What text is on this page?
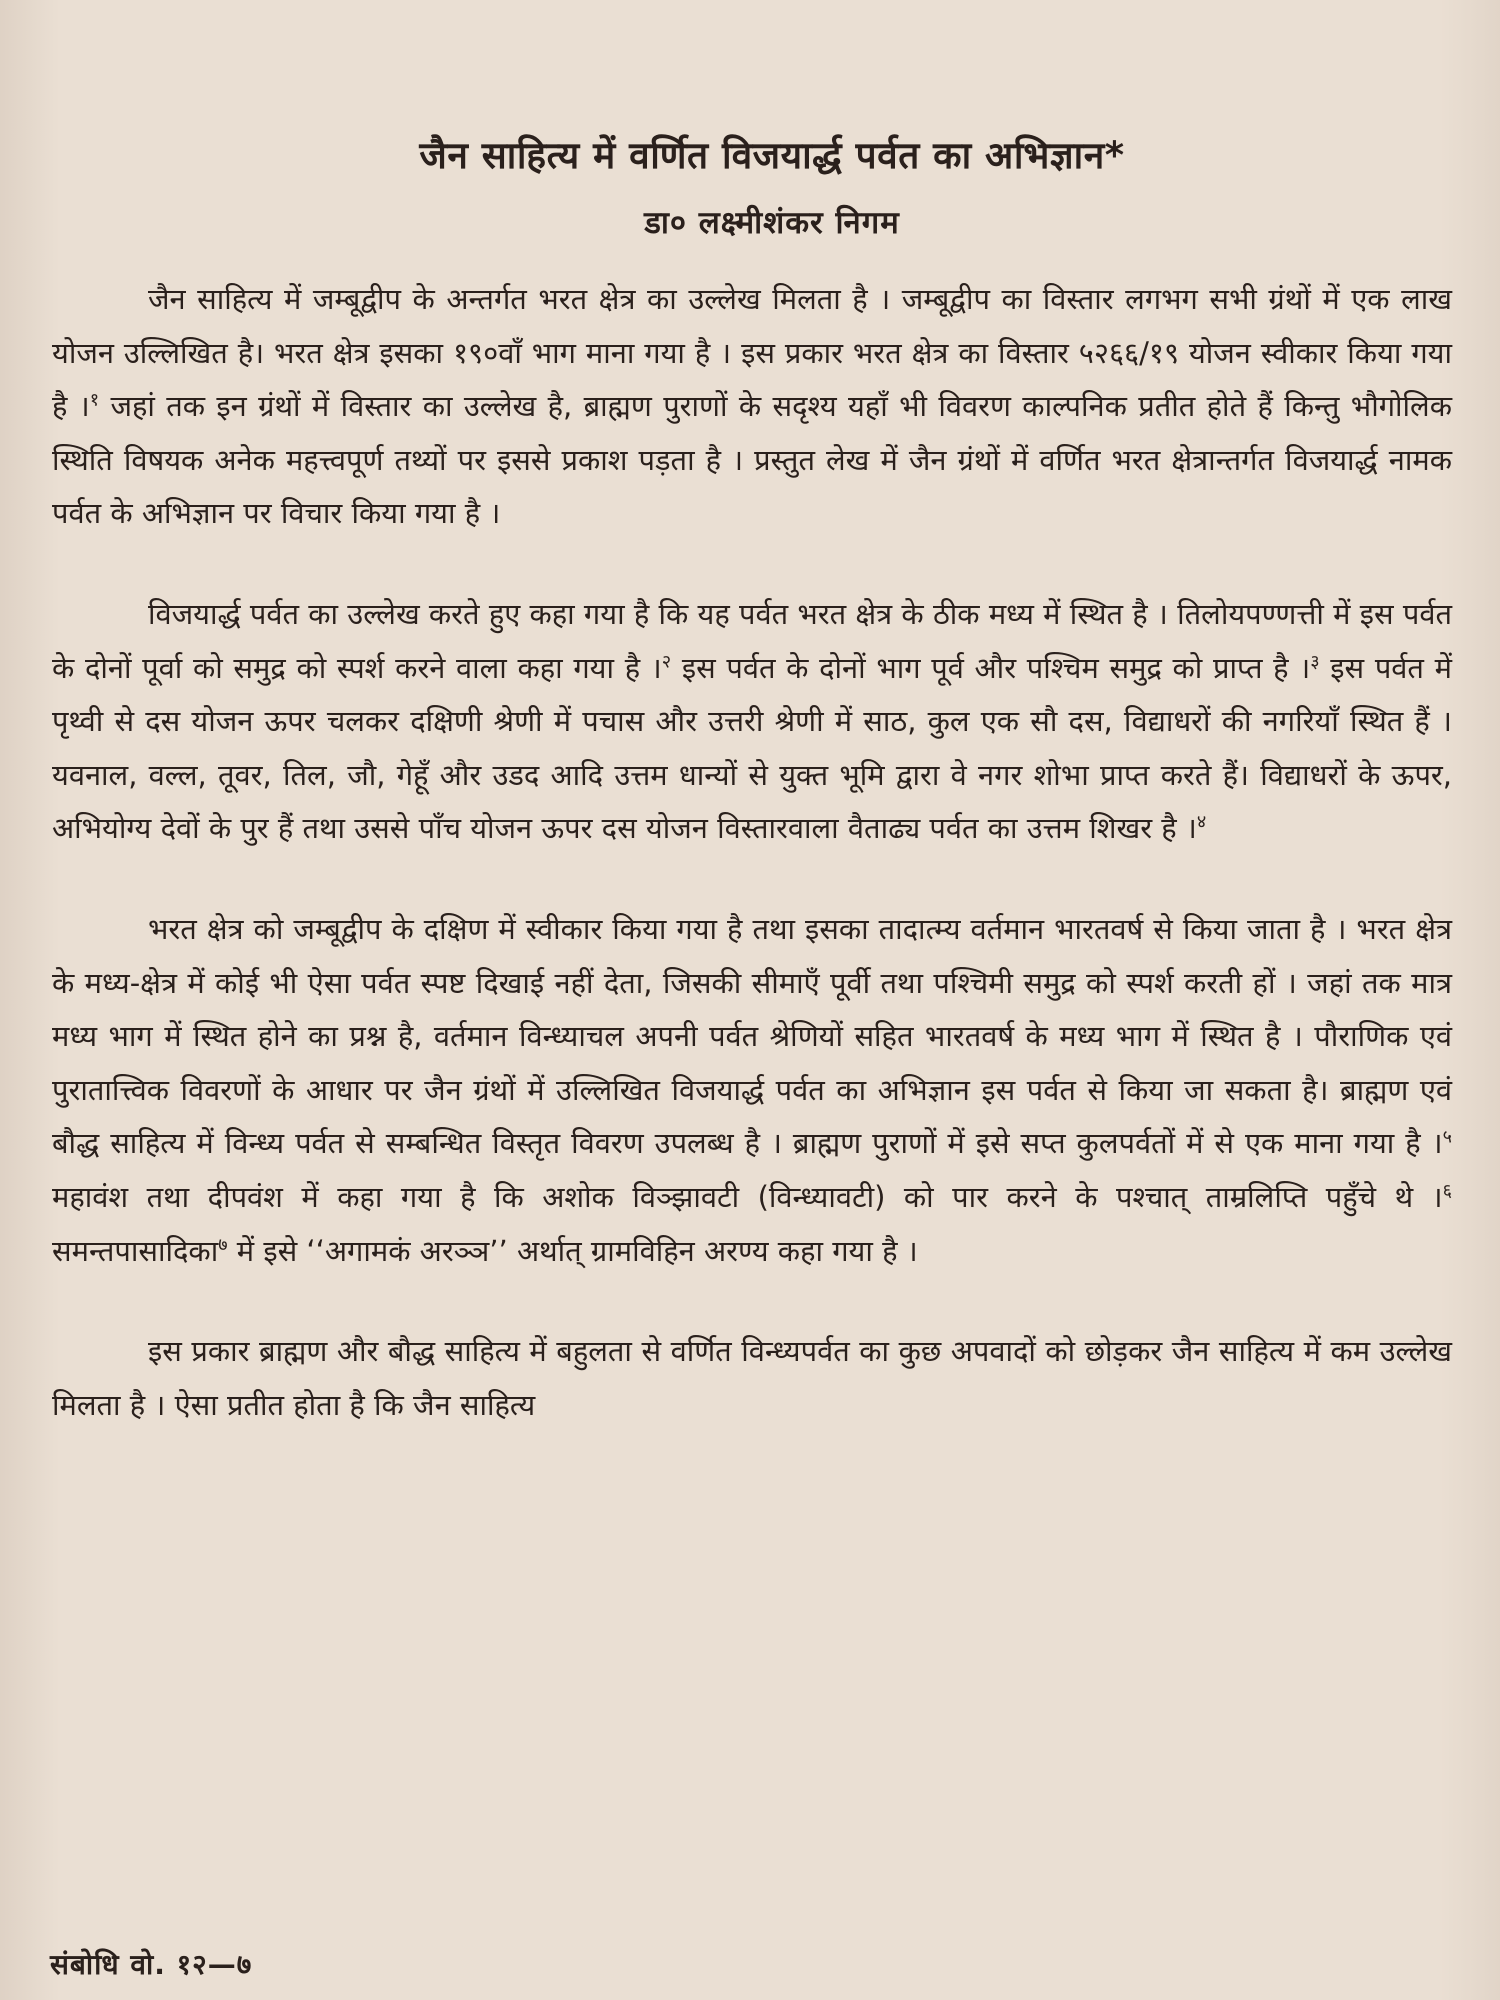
जैन साहित्य में वर्णित विजयार्द्ध पर्वत का अभिज्ञान*
डा० लक्ष्मीशंकर निगम

जैन साहित्य में जम्बूद्वीप के अन्तर्गत भरत क्षेत्र का उल्लेख मिलता है । जम्बूद्वीप का विस्तार लगभग सभी ग्रंथों में एक लाख योजन उल्लिखित है। भरत क्षेत्र इसका १९०वाँ भाग माना गया है । इस प्रकार भरत क्षेत्र का विस्तार ५२६६/१९ योजन स्वीकार किया गया है ।$^१$ जहां तक इन ग्रंथों में विस्तार का उल्लेख है, ब्राह्मण पुराणों के सदृश्य यहाँ भी विवरण काल्पनिक प्रतीत होते हैं किन्तु भौगोलिक स्थिति विषयक अनेक महत्त्वपूर्ण तथ्यों पर इससे प्रकाश पड़ता है । प्रस्तुत लेख में जैन ग्रंथों में वर्णित भरत क्षेत्रान्तर्गत विजयार्द्ध नामक पर्वत के अभिज्ञान पर विचार किया गया है ।

विजयार्द्ध पर्वत का उल्लेख करते हुए कहा गया है कि यह पर्वत भरत क्षेत्र के ठीक मध्य में स्थित है । तिलोयपण्णत्ती में इस पर्वत के दोनों पूर्वा को समुद्र को स्पर्श करने वाला कहा गया है ।$^२$ इस पर्वत के दोनों भाग पूर्व और पश्चिम समुद्र को प्राप्त है ।$^३$ इस पर्वत में पृथ्वी से दस योजन ऊपर चलकर दक्षिणी श्रेणी में पचास और उत्तरी श्रेणी में साठ, कुल एक सौ दस, विद्याधरों की नगरियाँ स्थित हैं । यवनाल, वल्ल, तूवर, तिल, जौ, गेहूँ और उडद आदि उत्तम धान्यों से युक्त भूमि द्वारा वे नगर शोभा प्राप्त करते हैं। विद्याधरों के ऊपर, अभियोग्य देवों के पुर हैं तथा उससे पाँच योजन ऊपर दस योजन विस्तारवाला वैताढ्य पर्वत का उत्तम शिखर है ।$^४$

भरत क्षेत्र को जम्बूद्वीप के दक्षिण में स्वीकार किया गया है तथा इसका तादात्म्य वर्तमान भारतवर्ष से किया जाता है । भरत क्षेत्र के मध्य-क्षेत्र में कोई भी ऐसा पर्वत स्पष्ट दिखाई नहीं देता, जिसकी सीमाएँ पूर्वी तथा पश्चिमी समुद्र को स्पर्श करती हों । जहां तक मात्र मध्य भाग में स्थित होने का प्रश्न है, वर्तमान विन्ध्याचल अपनी पर्वत श्रेणियों सहित भारतवर्ष के मध्य भाग में स्थित है । पौराणिक एवं पुरातात्त्विक विवरणों के आधार पर जैन ग्रंथों में उल्लिखित विजयार्द्ध पर्वत का अभिज्ञान इस पर्वत से किया जा सकता है। ब्राह्मण एवं बौद्ध साहित्य में विन्ध्य पर्वत से सम्बन्धित विस्तृत विवरण उपलब्ध है । ब्राह्मण पुराणों में इसे सप्त कुलपर्वतों में से एक माना गया है ।$^५$ महावंश तथा दीपवंश में कहा गया है कि अशोक विञ्झावटी (विन्ध्यावटी) को पार करने के पश्चात् ताम्रलिप्ति पहुँचे थे ।$^६$ समन्तपासादिका$^७$ में इसे ‘‘अगामकं अरञ्ञ’’ अर्थात् ग्रामविहिन अरण्य कहा गया है ।

इस प्रकार ब्राह्मण और बौद्ध साहित्य में बहुलता से वर्णित विन्ध्यपर्वत का कुछ अपवादों को छोड़कर जैन साहित्य में कम उल्लेख मिलता है । ऐसा प्रतीत होता है कि जैन साहित्य

संबोधि वो. १२—७
